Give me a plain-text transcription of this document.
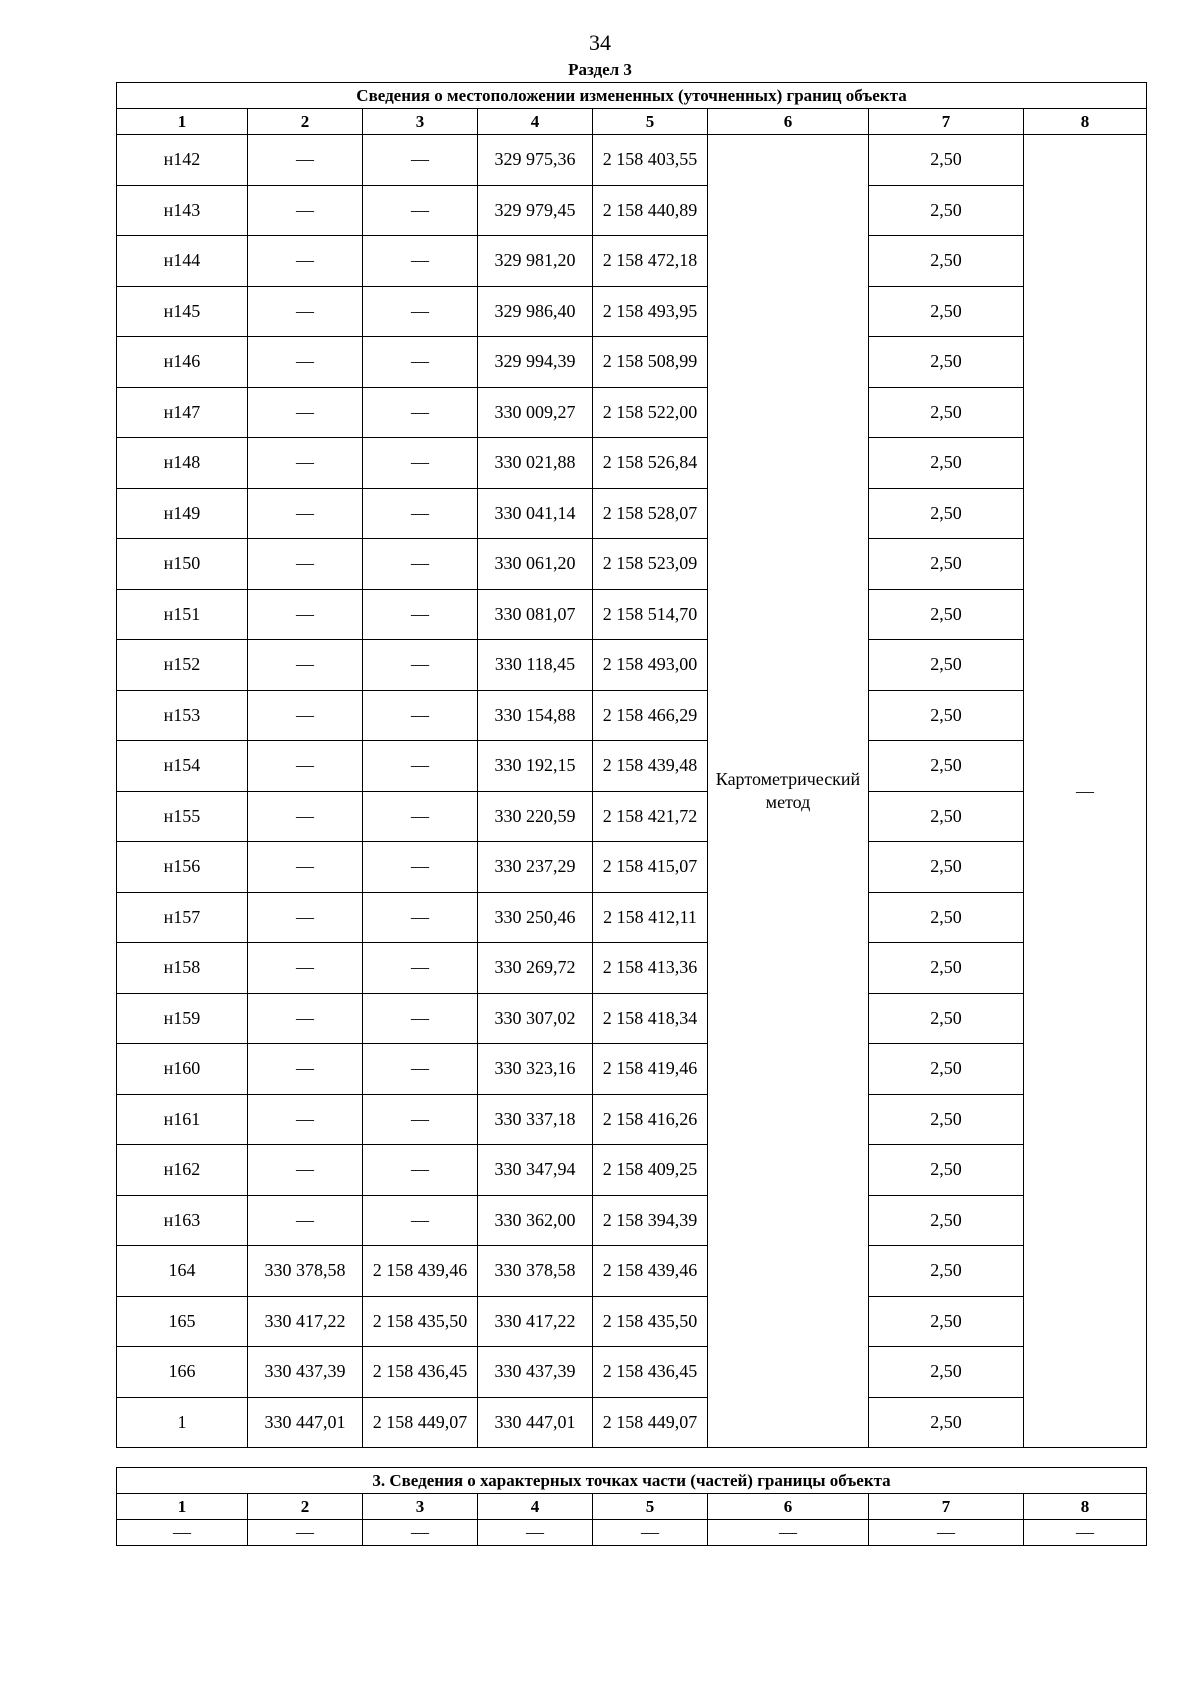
34
Раздел 3
Сведения о местоположении измененных (уточненных) границ объекта							
1	2	3	4	5	6	7	8
н142	—	—	329 975,36	2 158 403,55	Картометрический метод	2,50	—
н143	—	—	329 979,45	2 158 440,89		2,50	
н144	—	—	329 981,20	2 158 472,18		2,50	
н145	—	—	329 986,40	2 158 493,95		2,50	
н146	—	—	329 994,39	2 158 508,99		2,50	
н147	—	—	330 009,27	2 158 522,00		2,50	
н148	—	—	330 021,88	2 158 526,84		2,50	
н149	—	—	330 041,14	2 158 528,07		2,50	
н150	—	—	330 061,20	2 158 523,09		2,50	
н151	—	—	330 081,07	2 158 514,70		2,50	
н152	—	—	330 118,45	2 158 493,00		2,50	
н153	—	—	330 154,88	2 158 466,29		2,50	
н154	—	—	330 192,15	2 158 439,48		2,50	
н155	—	—	330 220,59	2 158 421,72		2,50	
н156	—	—	330 237,29	2 158 415,07		2,50	
н157	—	—	330 250,46	2 158 412,11		2,50	
н158	—	—	330 269,72	2 158 413,36		2,50	
н159	—	—	330 307,02	2 158 418,34		2,50	
н160	—	—	330 323,16	2 158 419,46		2,50	
н161	—	—	330 337,18	2 158 416,26		2,50	
н162	—	—	330 347,94	2 158 409,25		2,50	
н163	—	—	330 362,00	2 158 394,39		2,50	
164	330 378,58	2 158 439,46	330 378,58	2 158 439,46		2,50	
165	330 417,22	2 158 435,50	330 417,22	2 158 435,50		2,50	
166	330 437,39	2 158 436,45	330 437,39	2 158 436,45		2,50	
1	330 447,01	2 158 449,07	330 447,01	2 158 449,07		2,50	
3. Сведения о характерных точках части (частей) границы объекта							
1	2	3	4	5	6	7	8
—	—	—	—	—	—	—	—
